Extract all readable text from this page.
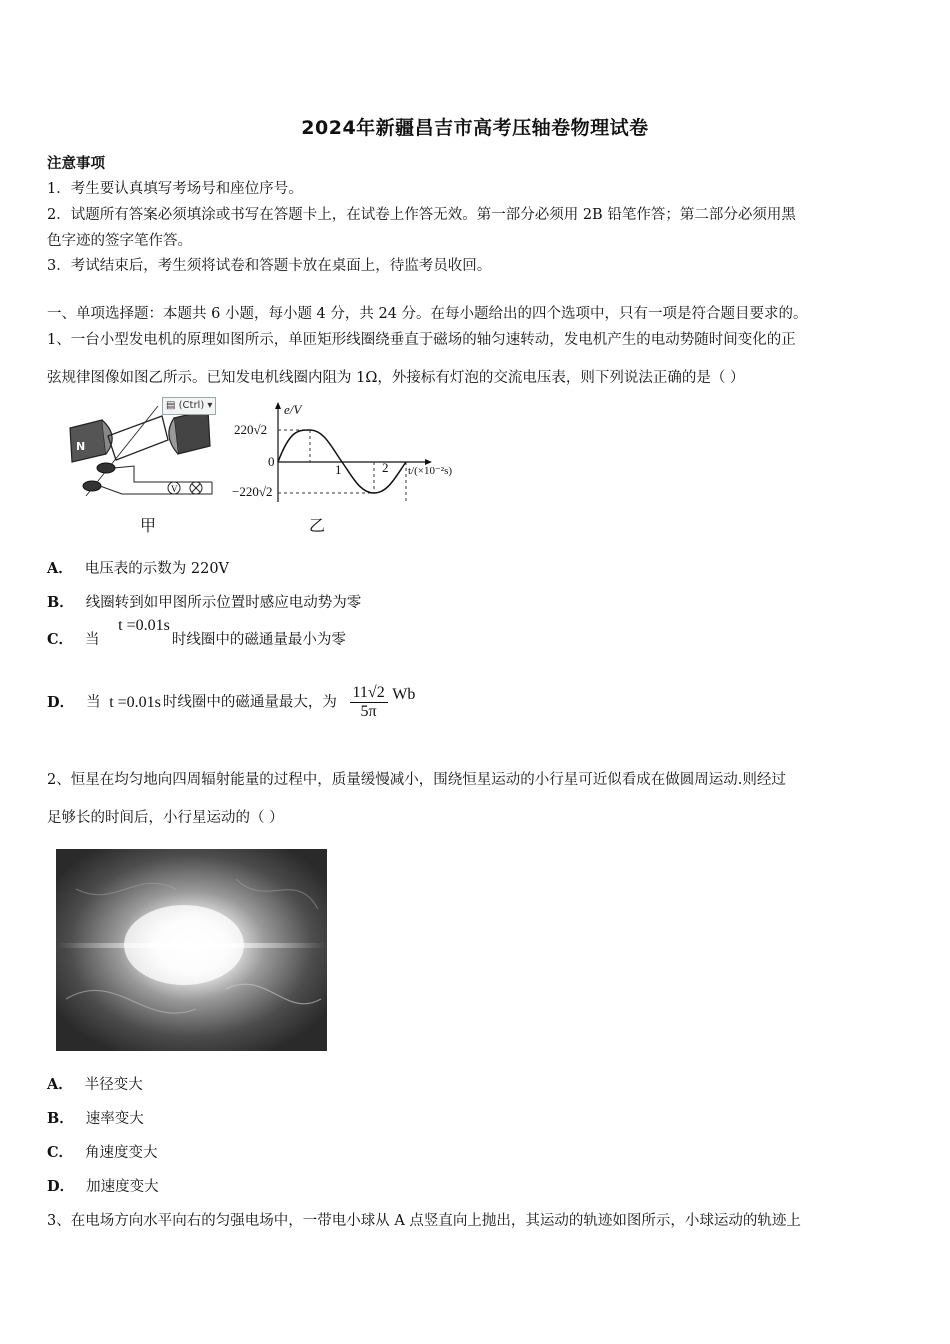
2024年新疆昌吉市高考压轴卷物理试卷
注意事项
1．考生要认真填写考场号和座位序号。
2．试题所有答案必须填涂或书写在答题卡上，在试卷上作答无效。第一部分必须用 2B 铅笔作答；第二部分必须用黑
色字迹的签字笔作答。
3．考试结束后，考生须将试卷和答题卡放在桌面上，待监考员收回。
一、单项选择题：本题共 6 小题，每小题 4 分，共 24 分。在每小题给出的四个选项中，只有一项是符合题目要求的。
1、一台小型发电机的原理如图所示，单匝矩形线圈绕垂直于磁场的轴匀速转动，发电机产生的电动势随时间变化的正
弦规律图像如图乙所示。已知发电机线圈内阻为 1Ω，外接标有灯泡的交流电压表，则下列说法正确的是（ ）
V
N
▤ (Ctrl) ▾
甲
e/V
220√2
0
−220√2
1	2 t/(×10⁻²s)
乙
A． 电压表的示数为 220V
B． 线圈转到如甲图所示位置时感应电动势为零
C． 当 t =0.01s时线圈中的磁通量最小为零
D． 当 t =0.01s 时线圈中的磁通量最大，为 $\frac{11√2}{5\pi}$ Wb
2、恒星在均匀地向四周辐射能量的过程中，质量缓慢减小，围绕恒星运动的小行星可近似看成在做圆周运动.则经过
足够长的时间后，小行星运动的（ ）
A． 半径变大
B． 速率变大
C． 角速度变大
D． 加速度变大
3、在电场方向水平向右的匀强电场中，一带电小球从 A 点竖直向上抛出，其运动的轨迹如图所示，小球运动的轨迹上
